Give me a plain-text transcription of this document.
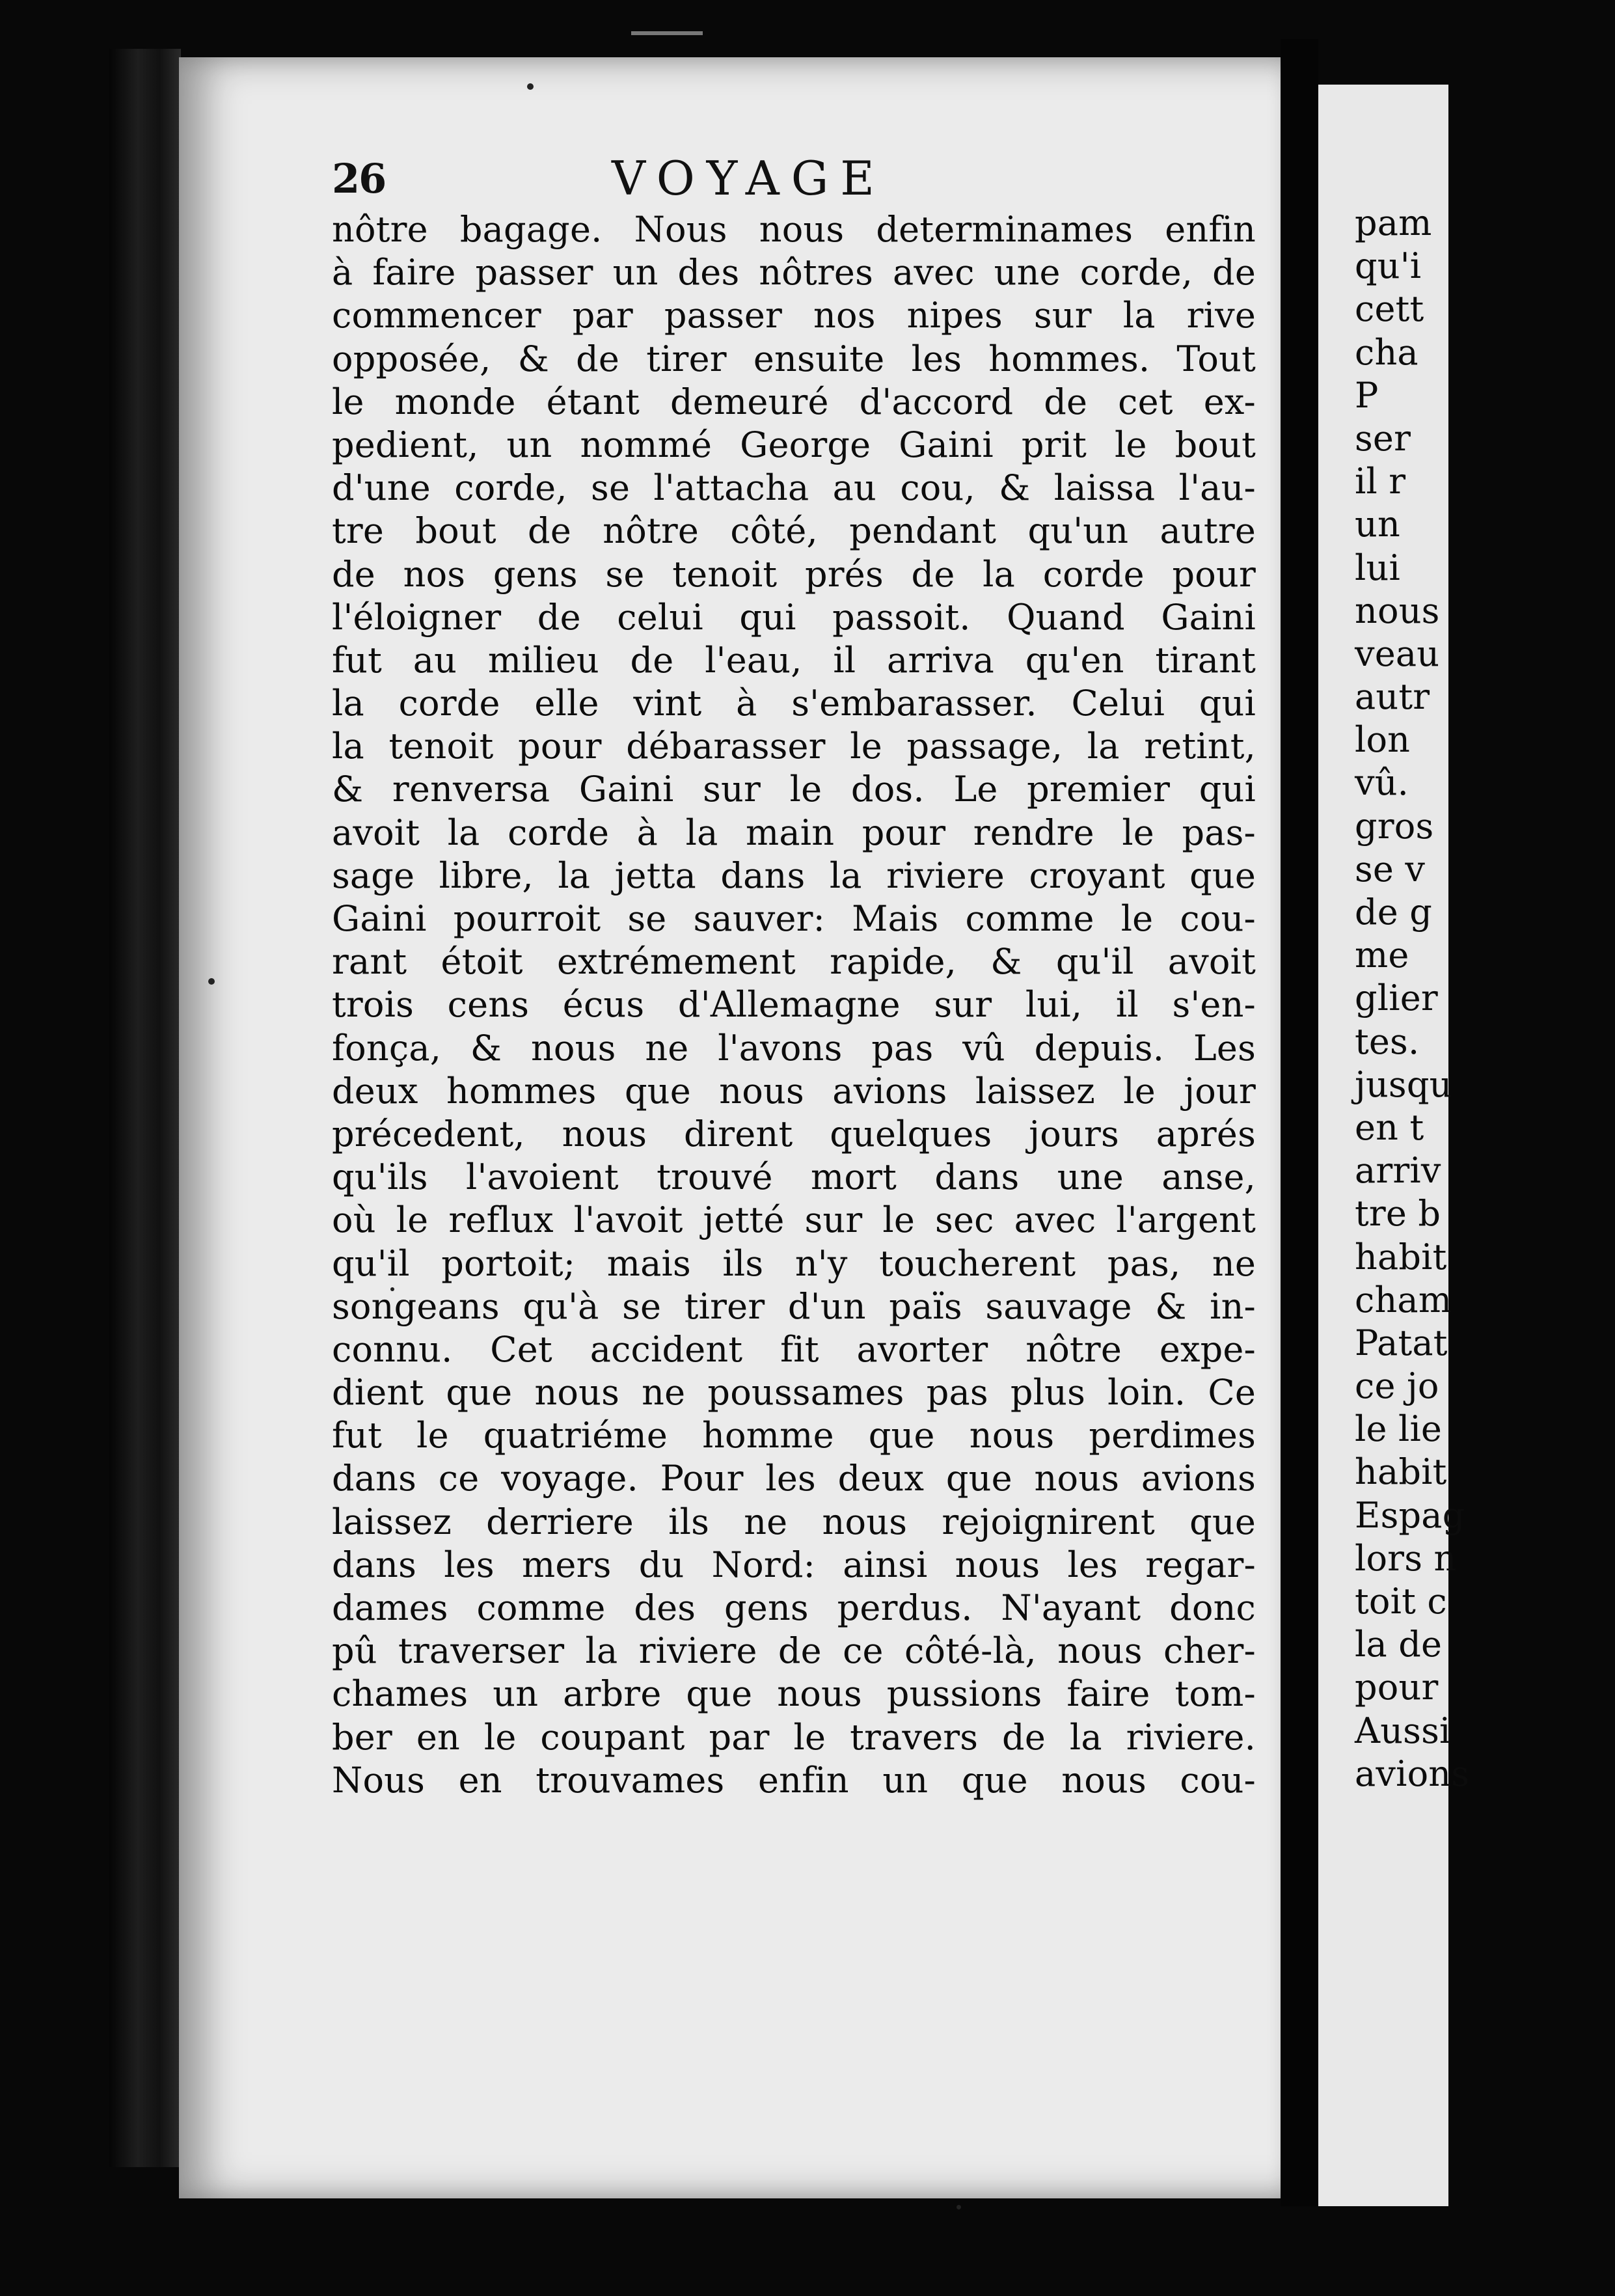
pam
qu'i
cett
cha
P
ser
il r
un
lui
nous
veau
autr
lon
vû.
gros
se v
de g
me
glier
tes.
jusqu
en t
arriv
tre b
habit
cham
Patat
ce jo
le lie
habit
Espag
lors n
toit c
la de
pour
Aussi
avions
26	VOYAGE
nôtre bagage. Nous nous determinames enfin
à faire passer un des nôtres avec une corde, de
commencer par passer nos nipes sur la rive
opposée, & de tirer ensuite les hommes. Tout
le monde étant demeuré d'accord de cet ex-
pedient, un nommé George Gaini prit le bout
d'une corde, se l'attacha au cou, & laissa l'au-
tre bout de nôtre côté, pendant qu'un autre
de nos gens se tenoit prés de la corde pour
l'éloigner de celui qui passoit. Quand Gaini
fut au milieu de l'eau, il arriva qu'en tirant
la corde elle vint à s'embarasser. Celui qui
la tenoit pour débarasser le passage, la retint,
& renversa Gaini sur le dos. Le premier qui
avoit la corde à la main pour rendre le pas-
sage libre, la jetta dans la riviere croyant que
Gaini pourroit se sauver: Mais comme le cou-
rant étoit extrémement rapide, & qu'il avoit
trois cens écus d'Allemagne sur lui, il s'en-
fonça, & nous ne l'avons pas vû depuis. Les
deux hommes que nous avions laissez le jour
précedent, nous dirent quelques jours aprés
qu'ils l'avoient trouvé mort dans une anse,
où le reflux l'avoit jetté sur le sec avec l'argent
qu'il portoit; mais ils n'y toucherent pas, ne
songeans qu'à se tirer d'un païs sauvage & in-
connu. Cet accident fit avorter nôtre expe-
dient que nous ne poussames pas plus loin. Ce
fut le quatriéme homme que nous perdimes
dans ce voyage. Pour les deux que nous avions
laissez derriere ils ne nous rejoignirent que
dans les mers du Nord: ainsi nous les regar-
dames comme des gens perdus. N'ayant donc
pû traverser la riviere de ce côté-là, nous cher-
chames un arbre que nous pussions faire tom-
ber en le coupant par le travers de la riviere.
Nous en trouvames enfin un que nous cou-
